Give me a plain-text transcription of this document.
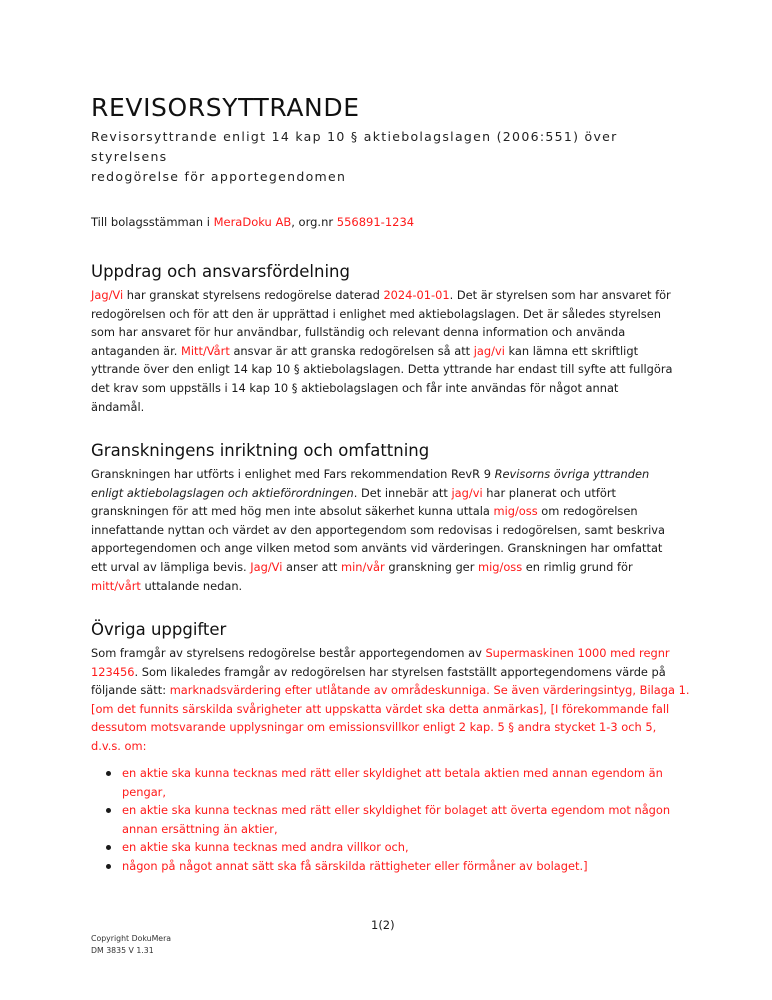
REVISORSYTTRANDE
Revisorsyttrande enligt 14 kap 10 § aktiebolagslagen (2006:551) över styrelsens
redogörelse för apportegendomen
Till bolagsstämman i MeraDoku AB, org.nr 556891-1234
Uppdrag och ansvarsfördelning
Jag/Vi har granskat styrelsens redogörelse daterad 2024-01-01. Det är styrelsen som har ansvaret för
redogörelsen och för att den är upprättad i enlighet med aktiebolagslagen. Det är således styrelsen
som har ansvaret för hur användbar, fullständig och relevant denna information och använda
antaganden är. Mitt/Vårt ansvar är att granska redogörelsen så att jag/vi kan lämna ett skriftligt
yttrande över den enligt 14 kap 10 § aktiebolagslagen. Detta yttrande har endast till syfte att fullgöra
det krav som uppställs i 14 kap 10 § aktiebolagslagen och får inte användas för något annat
ändamål.
Granskningens inriktning och omfattning
Granskningen har utförts i enlighet med Fars rekommendation RevR 9 Revisorns övriga yttranden
enligt aktiebolagslagen och aktieförordningen. Det innebär att jag/vi har planerat och utfört
granskningen för att med hög men inte absolut säkerhet kunna uttala mig/oss om redogörelsen
innefattande nyttan och värdet av den apportegendom som redovisas i redogörelsen, samt beskriva
apportegendomen och ange vilken metod som använts vid värderingen. Granskningen har omfattat
ett urval av lämpliga bevis. Jag/Vi anser att min/vår granskning ger mig/oss en rimlig grund för
mitt/vårt uttalande nedan.
Övriga uppgifter
Som framgår av styrelsens redogörelse består apportegendomen av Supermaskinen 1000 med regnr
123456. Som likaledes framgår av redogörelsen har styrelsen fastställt apportegendomens värde på
följande sätt: marknadsvärdering efter utlåtande av områdeskunniga. Se även värderingsintyg, Bilaga 1.
[om det funnits särskilda svårigheter att uppskatta värdet ska detta anmärkas], [I förekommande fall
dessutom motsvarande upplysningar om emissionsvillkor enligt 2 kap. 5 § andra stycket 1-3 och 5,
d.v.s. om:
en aktie ska kunna tecknas med rätt eller skyldighet att betala aktien med annan egendom än
pengar,
en aktie ska kunna tecknas med rätt eller skyldighet för bolaget att överta egendom mot någon
annan ersättning än aktier,
en aktie ska kunna tecknas med andra villkor och,
någon på något annat sätt ska få särskilda rättigheter eller förmåner av bolaget.]
1(2)
Copyright DokuMera
DM 3835 V 1.31
